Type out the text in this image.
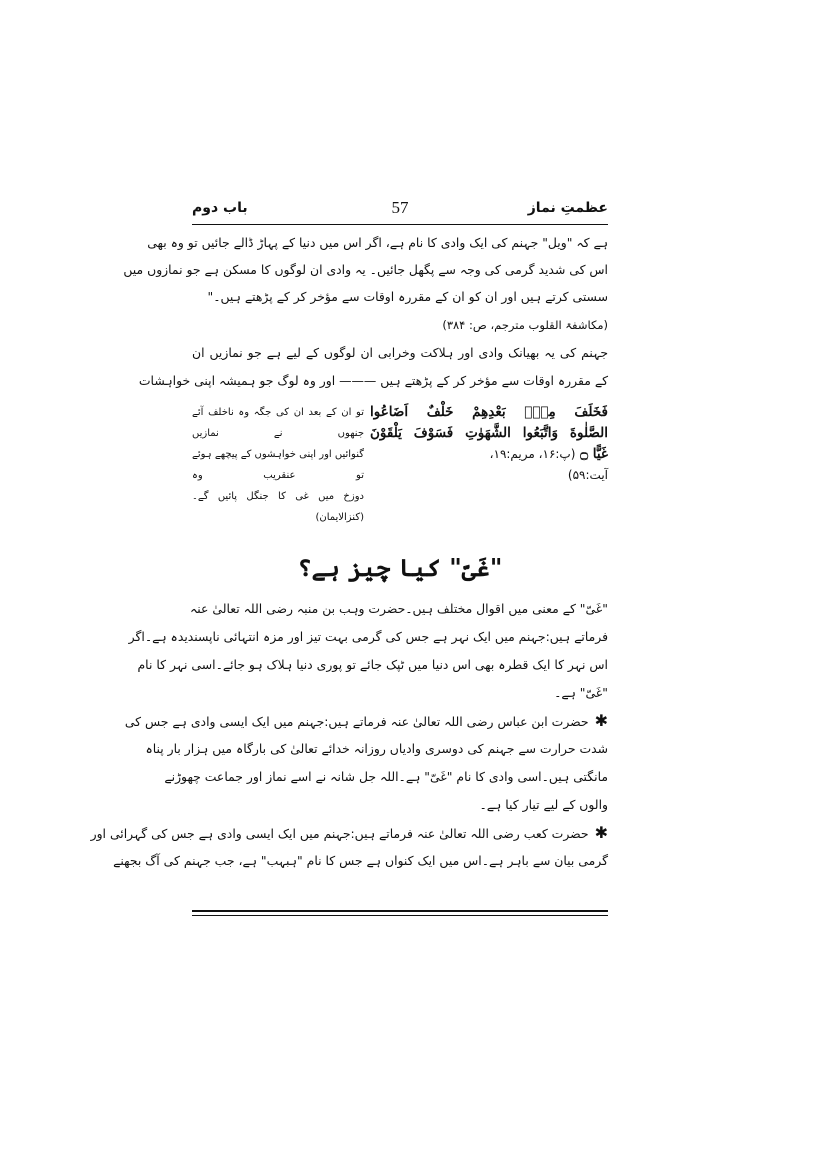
عظمتِ نماز
57
باب دوم
ہے کہ "ویل" جہنم کی ایک وادی کا نام ہے، اگر اس میں دنیا کے پہاڑ ڈالے جائیں تو وہ بھی
اس کی شدید گرمی کی وجہ سے پگھل جائیں۔ یہ وادی ان لوگوں کا مسکن ہے جو نمازوں میں
سستی کرتے ہیں اور ان کو ان کے مقررہ اوقات سے مؤخر کر کے پڑھتے ہیں۔"
(مکاشفۃ القلوب مترجم، ص: ۳۸۴)
جہنم کی یہ بھیانک وادی اور ہلاکت وخرابی ان لوگوں کے لیے ہے جو نمازیں ان
کے مقررہ اوقات سے مؤخر کر کے پڑھتے ہیں ——— اور وہ لوگ جو ہمیشہ اپنی خواہشات
فَخَلَفَ مِنْۢ بَعْدِهِمْ خَلْفٌ اَضَاعُوا
الصَّلٰوةَ وَاتَّبَعُوا الشَّهَوٰتِ فَسَوْفَ يَلْقَوْنَ
غَيًّا ۝ (پ:۱۶، مریم:۱۹،
تو ان کے بعد ان کی جگہ وہ ناخلف آئے جنھوں نے نمازیں
گنوائیں اور اپنی خواہشوں کے پیچھے ہوئے تو عنقریب وہ
دوزخ میں غی کا جنگل پائیں گے۔(کنزالایمان)
آیت:۵۹)
"غَیّ" کیا چیز ہے؟
"غَیّ" کے معنی میں اقوال مختلف ہیں۔حضرت وہب بن منبہ رضی اللہ تعالیٰ عنہ
فرماتے ہیں:جہنم میں ایک نہر ہے جس کی گرمی بہت تیز اور مزہ انتہائی ناپسندیدہ ہے۔اگر
اس نہر کا ایک قطرہ بھی اس دنیا میں ٹپک جائے تو پوری دنیا ہلاک ہو جائے۔اسی نہر کا نام
"غَیّ" ہے۔
✱حضرت ابن عباس رضی اللہ تعالیٰ عنہ فرماتے ہیں:جہنم میں ایک ایسی وادی ہے جس کی
شدت حرارت سے جہنم کی دوسری وادیاں روزانہ خدائے تعالیٰ کی بارگاہ میں ہزار بار پناہ
مانگتی ہیں۔اسی وادی کا نام "غَیّ" ہے۔اللہ جل شانہ نے اسے نماز اور جماعت چھوڑنے
والوں کے لیے تیار کیا ہے۔
✱حضرت کعب رضی اللہ تعالیٰ عنہ فرماتے ہیں:جہنم میں ایک ایسی وادی ہے جس کی گہرائی اور
گرمی بیان سے باہر ہے۔اس میں ایک کنواں ہے جس کا نام "ہبہب" ہے، جب جہنم کی آگ بجھنے
